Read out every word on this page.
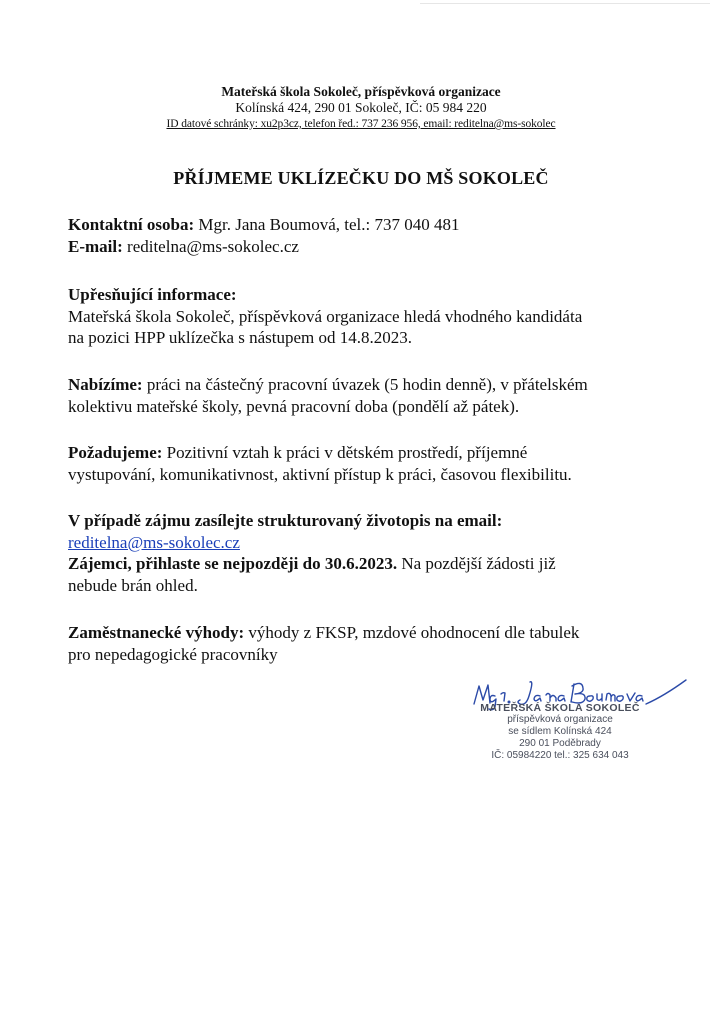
Mateřská škola Sokoleč, příspěvková organizace
Kolínská 424, 290 01 Sokoleč, IČ: 05 984 220
ID datové schránky: xu2p3cz, telefon řed.: 737 236 956, email: reditelna@ms-sokolec
PŘÍJMEME UKLÍZEČKU DO MŠ SOKOLEČ
Kontaktní osoba: Mgr. Jana Boumová, tel.: 737 040 481
E-mail: reditelna@ms-sokolec.cz
Upřesňující informace:
Mateřská škola Sokoleč, příspěvková organizace hledá vhodného kandidáta
na pozici HPP uklízečka s nástupem od 14.8.2023.
Nabízíme: práci na částečný pracovní úvazek (5 hodin denně), v přátelském
kolektivu mateřské školy, pevná pracovní doba (pondělí až pátek).
Požadujeme: Pozitivní vztah k práci v dětském prostředí, příjemné
vystupování, komunikativnost, aktivní přístup k práci, časovou flexibilitu.
V případě zájmu zasílejte strukturovaný životopis na email:
reditelna@ms-sokolec.cz
Zájemci, přihlaste se nejpozději do 30.6.2023. Na pozdější žádosti již
nebude brán ohled.
Zaměstnanecké výhody: výhody z FKSP, mzdové ohodnocení dle tabulek
pro nepedagogické pracovníky
MATEŘSKÁ ŠKOLA SOKOLEČ
příspěvková organizace
se sídlem Kolínská 424
290 01 Poděbrady
IČ: 05984220 tel.: 325 634 043
